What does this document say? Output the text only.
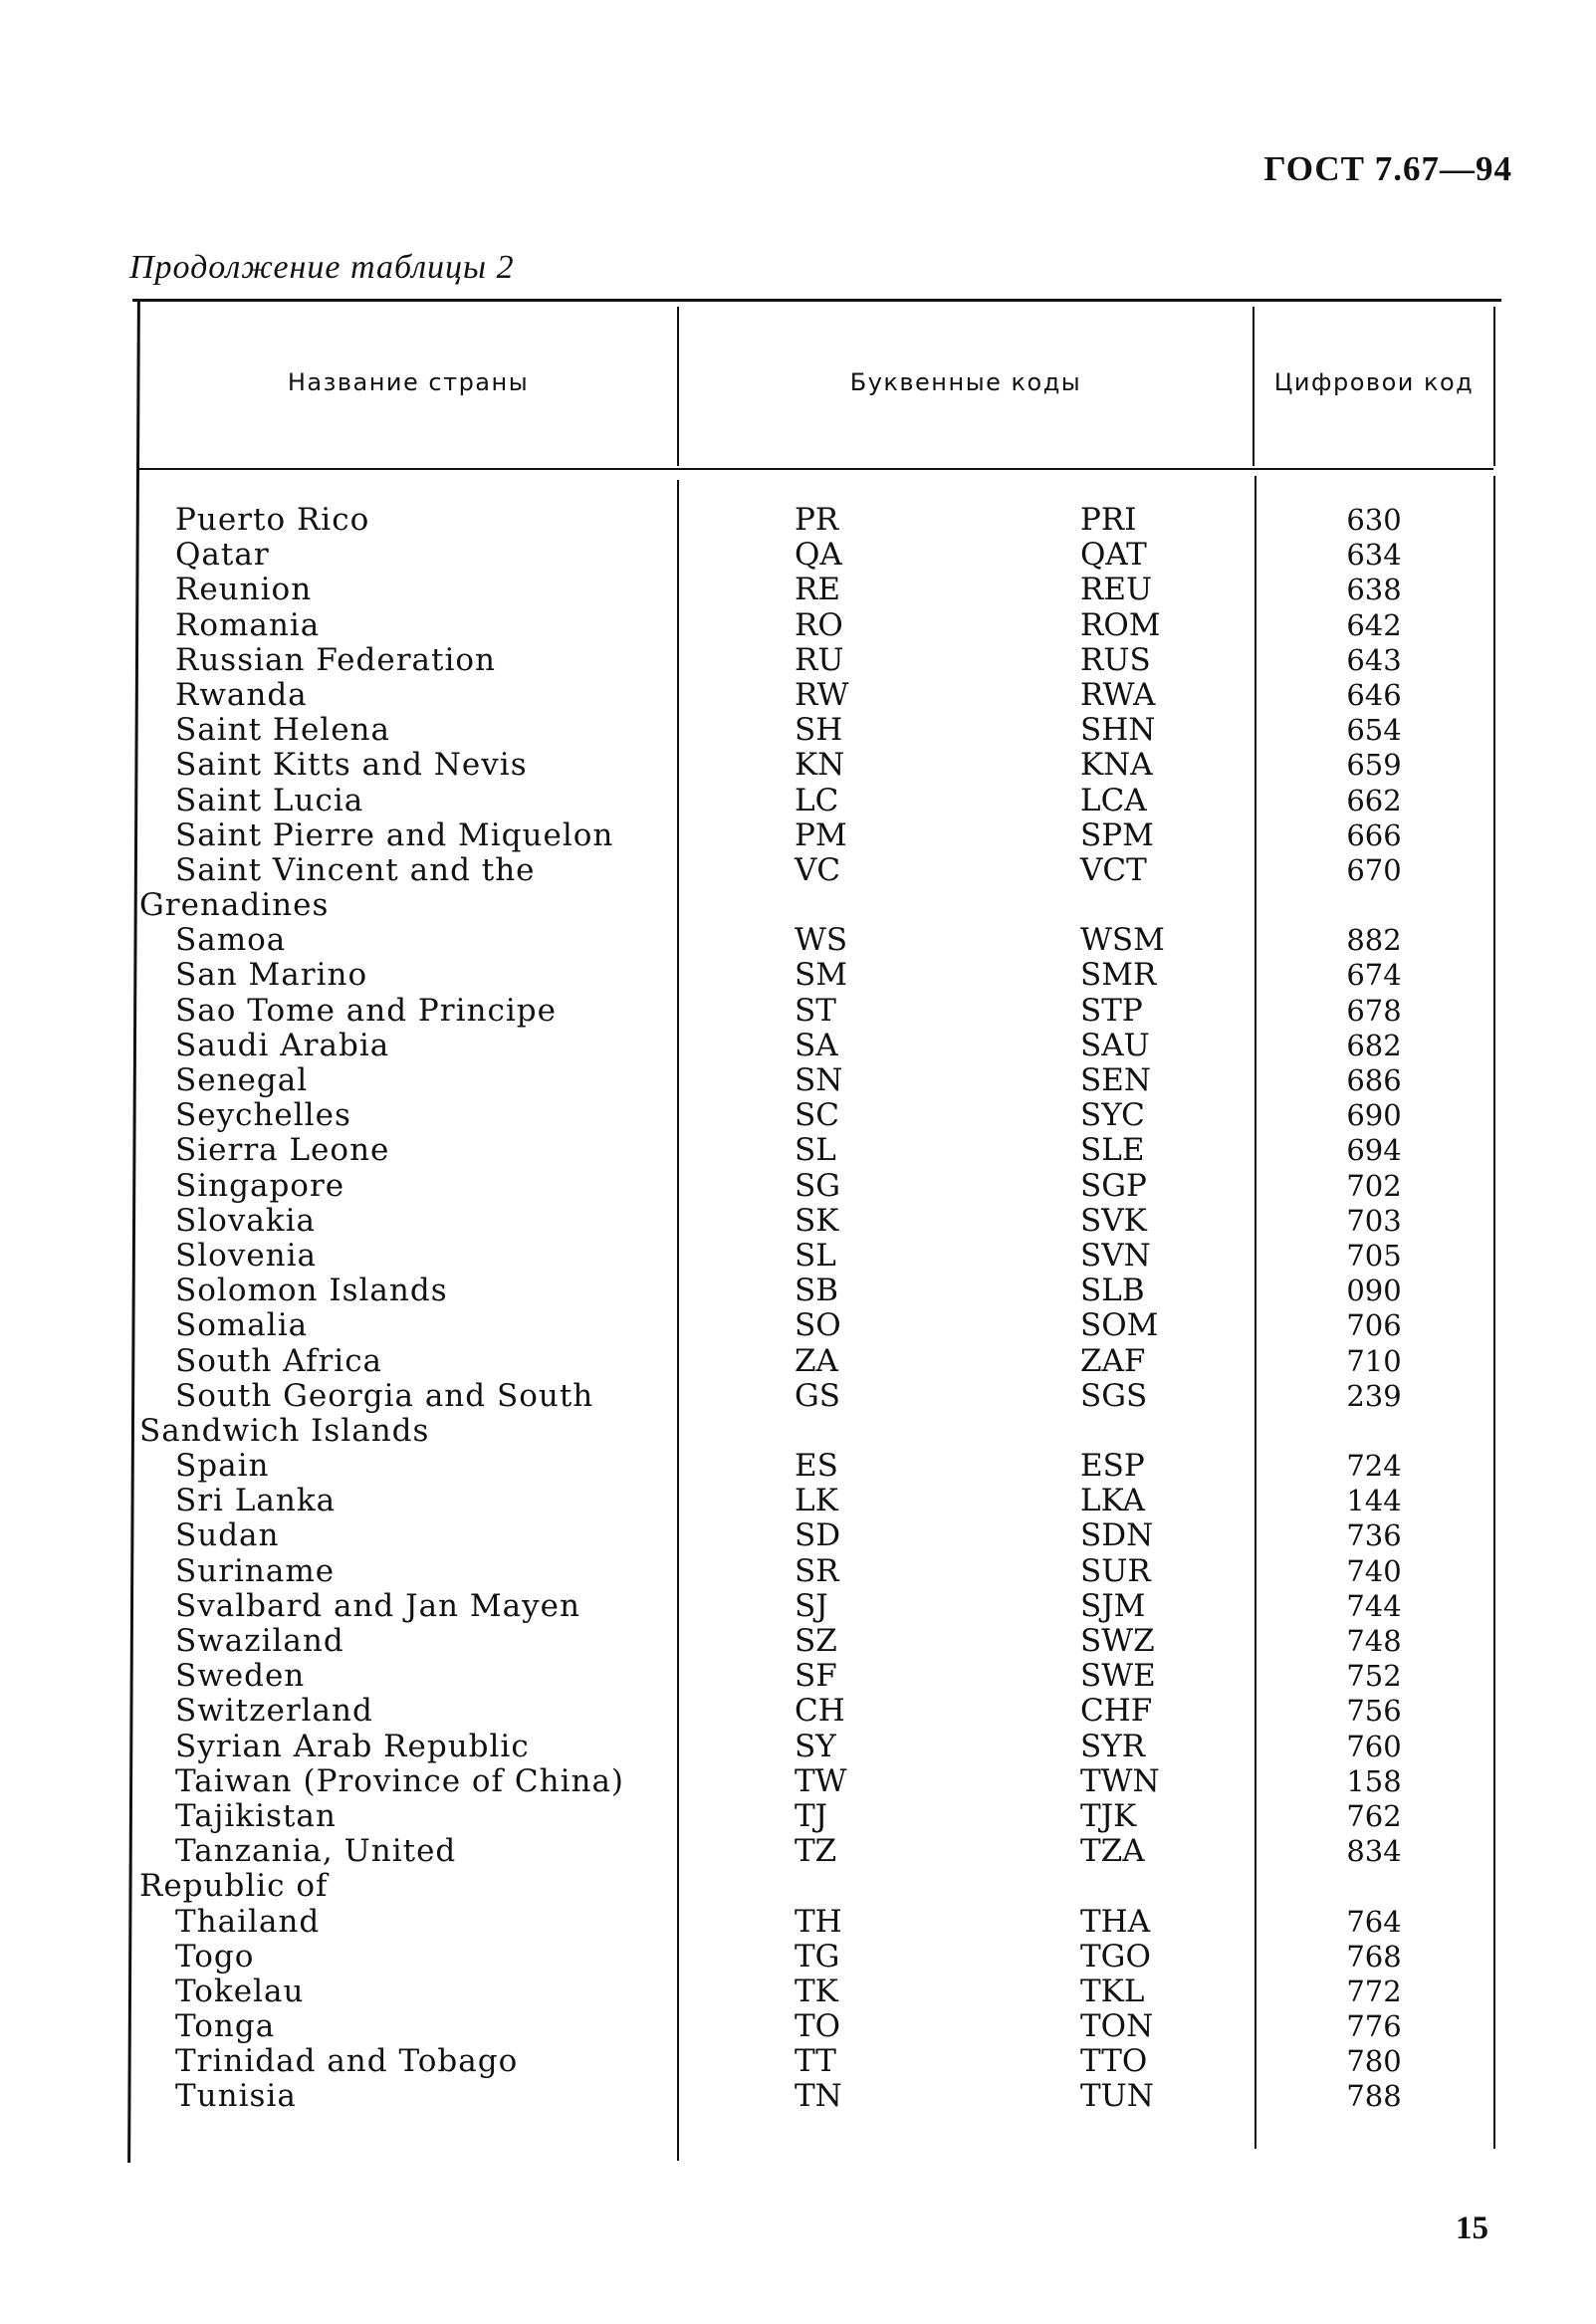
ГОСТ 7.67—94
Продолжение таблицы 2
Название страны	Буквенные коды	Цифровои код
Puerto Rico	PR	PRI	630
Qatar	QA	QAT	634
Reunion	RE	REU	638
Romania	RO	ROM	642
Russian Federation	RU	RUS	643
Rwanda	RW	RWA	646
Saint Helena	SH	SHN	654
Saint Kitts and Nevis	KN	KNA	659
Saint Lucia	LC	LCA	662
Saint Pierre and Miquelon	PM	SPM	666
Saint Vincent and the	VC	VCT	670
Grenadines
Samoa	WS	WSM	882
San Marino	SM	SMR	674
Sao Tome and Principe	ST	STP	678
Saudi Arabia	SA	SAU	682
Senegal	SN	SEN	686
Seychelles	SC	SYC	690
Sierra Leone	SL	SLE	694
Singapore	SG	SGP	702
Slovakia	SK	SVK	703
Slovenia	SL	SVN	705
Solomon Islands	SB	SLB	090
Somalia	SO	SOM	706
South Africa	ZA	ZAF	710
South Georgia and South	GS	SGS	239
Sandwich Islands
Spain	ES	ESP	724
Sri Lanka	LK	LKA	144
Sudan	SD	SDN	736
Suriname	SR	SUR	740
Svalbard and Jan Mayen	SJ	SJM	744
Swaziland	SZ	SWZ	748
Sweden	SF	SWE	752
Switzerland	CH	CHF	756
Syrian Arab Republic	SY	SYR	760
Taiwan (Province of China)	TW	TWN	158
Tajikistan	TJ	TJK	762
Tanzania, United	TZ	TZA	834
Republic of
Thailand	TH	THA	764
Togo	TG	TGO	768
Tokelau	TK	TKL	772
Tonga	TO	TON	776
Trinidad and Tobago	TT	TTO	780
Tunisia	TN	TUN	788
15
